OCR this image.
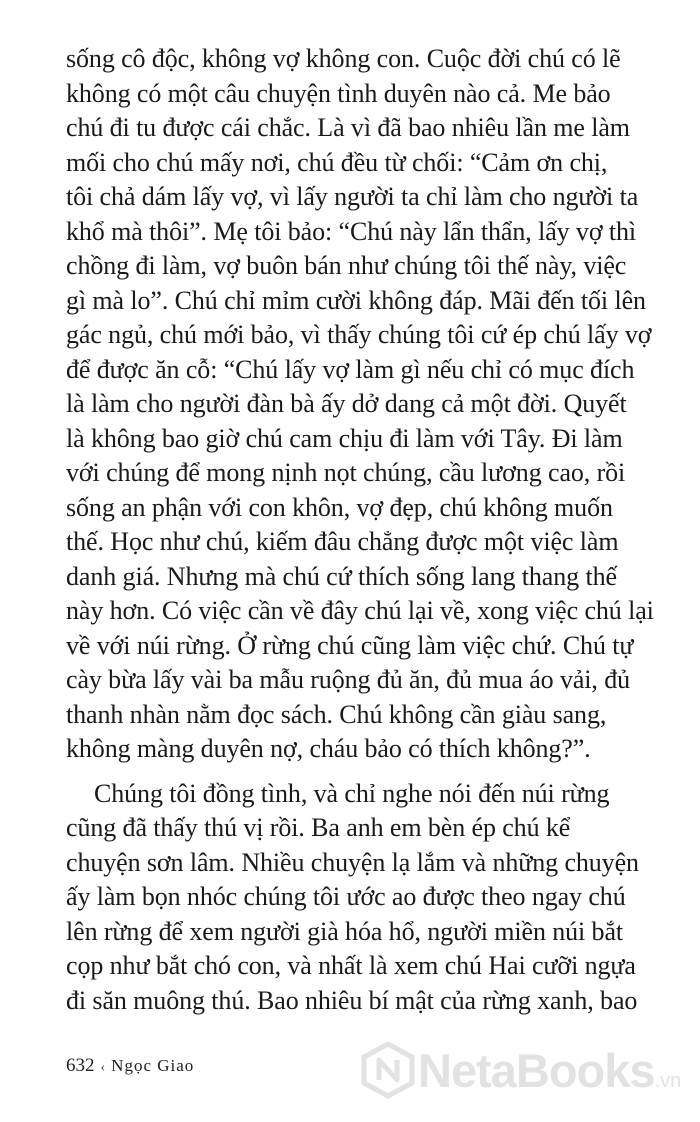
sống cô độc, không vợ không con. Cuộc đời chú có lẽ
không có một câu chuyện tình duyên nào cả. Me bảo
chú đi tu được cái chắc. Là vì đã bao nhiêu lần me làm
mối cho chú mấy nơi, chú đều từ chối: “Cảm ơn chị,
tôi chả dám lấy vợ, vì lấy người ta chỉ làm cho người ta
khổ mà thôi”. Mẹ tôi bảo: “Chú này lẩn thẩn, lấy vợ thì
chồng đi làm, vợ buôn bán như chúng tôi thế này, việc
gì mà lo”. Chú chỉ mỉm cười không đáp. Mãi đến tối lên
gác ngủ, chú mới bảo, vì thấy chúng tôi cứ ép chú lấy vợ
để được ăn cỗ: “Chú lấy vợ làm gì nếu chỉ có mục đích
là làm cho người đàn bà ấy dở dang cả một đời. Quyết
là không bao giờ chú cam chịu đi làm với Tây. Đi làm
với chúng để mong nịnh nọt chúng, cầu lương cao, rồi
sống an phận với con khôn, vợ đẹp, chú không muốn
thế. Học như chú, kiếm đâu chẳng được một việc làm
danh giá. Nhưng mà chú cứ thích sống lang thang thế
này hơn. Có việc cần về đây chú lại về, xong việc chú lại
về với núi rừng. Ở rừng chú cũng làm việc chứ. Chú tự
cày bừa lấy vài ba mẫu ruộng đủ ăn, đủ mua áo vải, đủ
thanh nhàn nằm đọc sách. Chú không cần giàu sang,
không màng duyên nợ, cháu bảo có thích không?”.
Chúng tôi đồng tình, và chỉ nghe nói đến núi rừng
cũng đã thấy thú vị rồi. Ba anh em bèn ép chú kể
chuyện sơn lâm. Nhiều chuyện lạ lắm và những chuyện
ấy làm bọn nhóc chúng tôi ước ao được theo ngay chú
lên rừng để xem người già hóa hổ, người miền núi bắt
cọp như bắt chó con, và nhất là xem chú Hai cưỡi ngựa
đi săn muông thú. Bao nhiêu bí mật của rừng xanh, bao
632 ‹ Ngọc Giao	NetaBooks.vn
